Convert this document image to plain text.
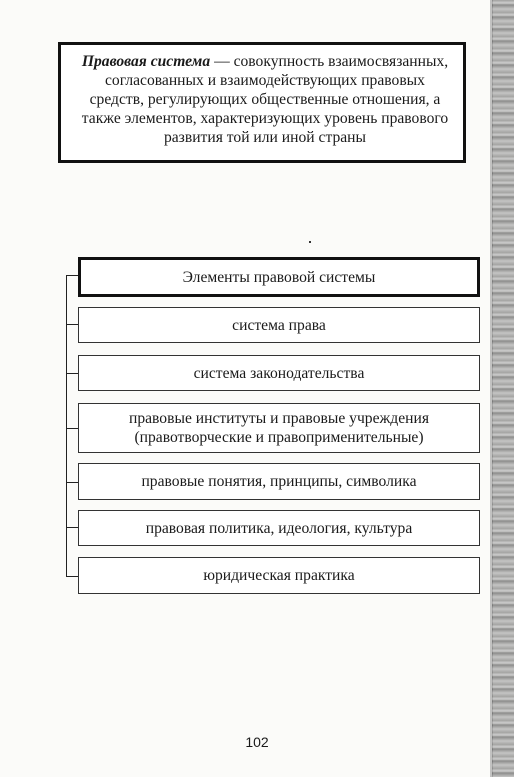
Правовая система — совокупность взаимосвязанных, согласованных и взаимодействующих правовых средств, регулирующих общественные отношения, а также элементов, характеризующих уровень правового развития той или иной страны
Элементы правовой системы
система права
система законодательства
правовые институты и правовые учреждения (правотворческие и правоприменительные)
правовые понятия, принципы, символика
правовая политика, идеология, культура
юридическая практика
102
